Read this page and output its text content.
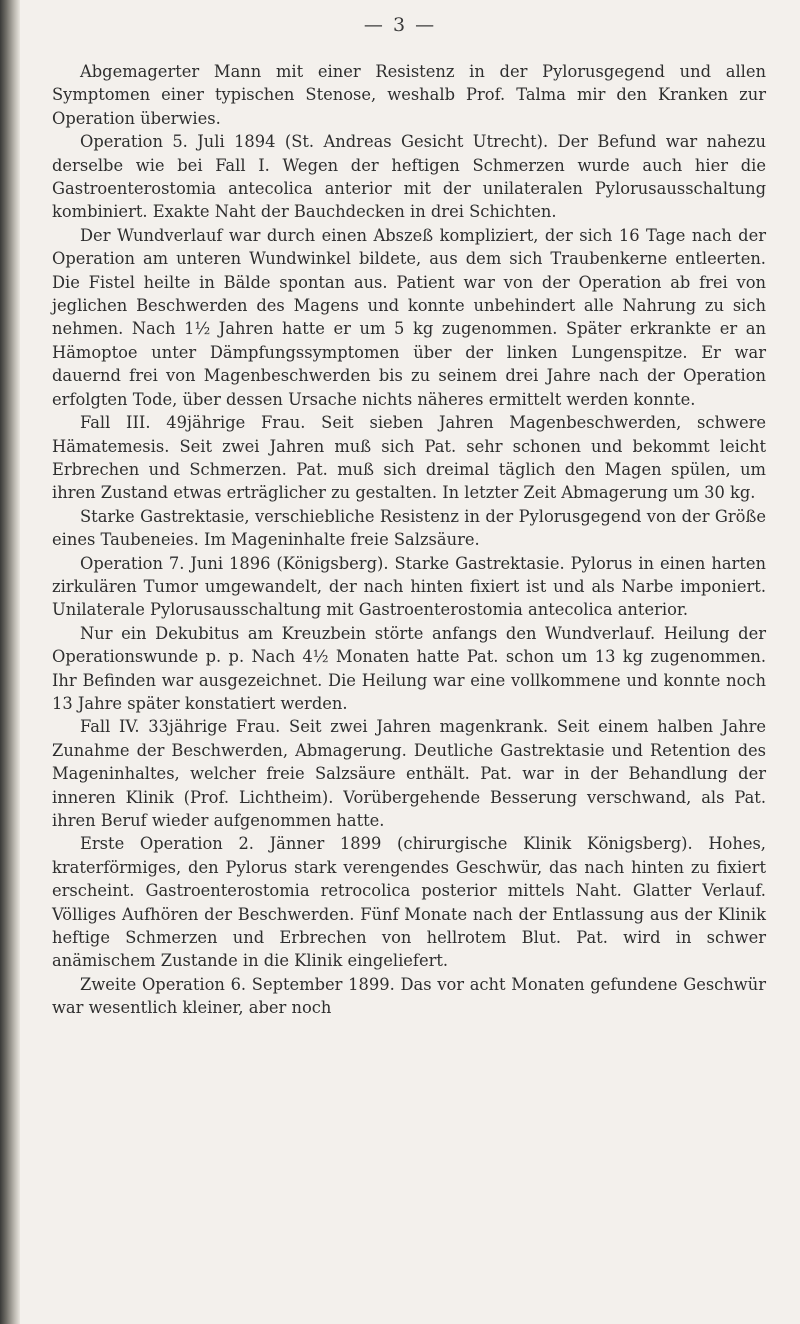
— 3 —

Abgemagerter Mann mit einer Resistenz in der Pylorusgegend und allen Symptomen einer typischen Stenose, weshalb Prof. Talma mir den Kranken zur Operation überwies.

Operation 5. Juli 1894 (St. Andreas Gesicht Utrecht). Der Befund war nahezu derselbe wie bei Fall I. Wegen der heftigen Schmerzen wurde auch hier die Gastroenterostomia antecolica anterior mit der unilateralen Pylorusausschaltung kombiniert. Exakte Naht der Bauchdecken in drei Schichten.

Der Wundverlauf war durch einen Abszeß kompliziert, der sich 16 Tage nach der Operation am unteren Wundwinkel bildete, aus dem sich Traubenkerne entleerten. Die Fistel heilte in Bälde spontan aus. Patient war von der Operation ab frei von jeglichen Beschwerden des Magens und konnte unbehindert alle Nahrung zu sich nehmen. Nach 1½ Jahren hatte er um 5 kg zugenommen. Später erkrankte er an Hämoptoe unter Dämpfungssymptomen über der linken Lungenspitze. Er war dauernd frei von Magenbeschwerden bis zu seinem drei Jahre nach der Operation erfolgten Tode, über dessen Ursache nichts näheres ermittelt werden konnte.

Fall III. 49jährige Frau. Seit sieben Jahren Magenbeschwerden, schwere Hämatemesis. Seit zwei Jahren muß sich Pat. sehr schonen und bekommt leicht Erbrechen und Schmerzen. Pat. muß sich dreimal täglich den Magen spülen, um ihren Zustand etwas erträglicher zu gestalten. In letzter Zeit Abmagerung um 30 kg.

Starke Gastrektasie, verschiebliche Resistenz in der Pylorusgegend von der Größe eines Taubeneies. Im Mageninhalte freie Salzsäure.

Operation 7. Juni 1896 (Königsberg). Starke Gastrektasie. Pylorus in einen harten zirkulären Tumor umgewandelt, der nach hinten fixiert ist und als Narbe imponiert. Unilaterale Pylorusausschaltung mit Gastroenterostomia antecolica anterior.

Nur ein Dekubitus am Kreuzbein störte anfangs den Wundverlauf. Heilung der Operationswunde p. p. Nach 4½ Monaten hatte Pat. schon um 13 kg zugenommen. Ihr Befinden war ausgezeichnet. Die Heilung war eine vollkommene und konnte noch 13 Jahre später konstatiert werden.

Fall IV. 33jährige Frau. Seit zwei Jahren magenkrank. Seit einem halben Jahre Zunahme der Beschwerden, Abmagerung. Deutliche Gastrektasie und Retention des Mageninhaltes, welcher freie Salzsäure enthält. Pat. war in der Behandlung der inneren Klinik (Prof. Lichtheim). Vorübergehende Besserung verschwand, als Pat. ihren Beruf wieder aufgenommen hatte.

Erste Operation 2. Jänner 1899 (chirurgische Klinik Königsberg). Hohes, kraterförmiges, den Pylorus stark verengendes Geschwür, das nach hinten zu fixiert erscheint. Gastroenterostomia retrocolica posterior mittels Naht. Glatter Verlauf. Völliges Aufhören der Beschwerden. Fünf Monate nach der Entlassung aus der Klinik heftige Schmerzen und Erbrechen von hellrotem Blut. Pat. wird in schwer anämischem Zustande in die Klinik eingeliefert.

Zweite Operation 6. September 1899. Das vor acht Monaten gefundene Geschwür war wesentlich kleiner, aber noch
